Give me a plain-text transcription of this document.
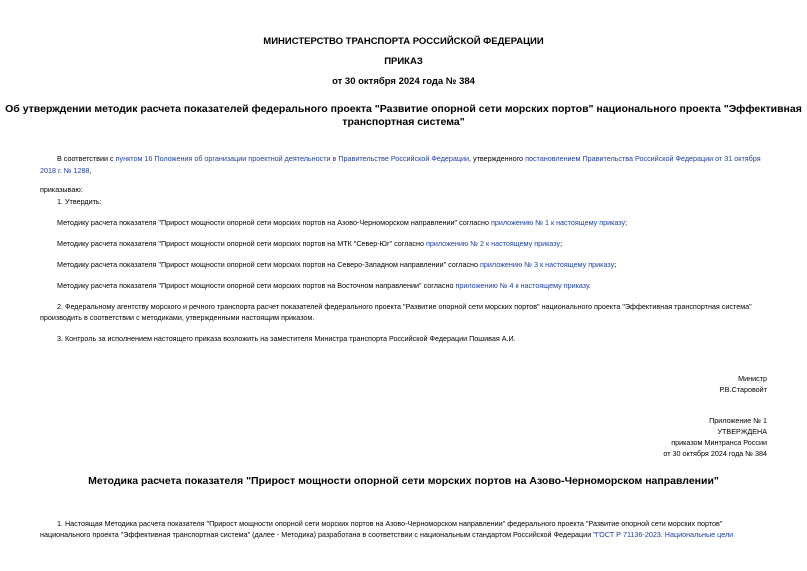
МИНИСТЕРСТВО ТРАНСПОРТА РОССИЙСКОЙ ФЕДЕРАЦИИ
ПРИКАЗ
от 30 октября 2024 года № 384
Об утверждении методик расчета показателей федерального проекта "Развитие опорной сети морских портов" национального проекта "Эффективная
транспортная система"
В соответствии с пунктом 16 Положения об организации проектной деятельности в Правительстве Российской Федерации, утвержденного постановлением Правительства Российской Федерации от 31 октября
2018 г. № 1288,
приказываю:
1. Утвердить:
Методику расчета показателя "Прирост мощности опорной сети морских портов на Азово-Черноморском направлении" согласно приложению № 1 к настоящему приказу;
Методику расчета показателя "Прирост мощности опорной сети морских портов на МТК "Север-Юг" согласно приложению № 2 к настоящему приказу;
Методику расчета показателя "Прирост мощности опорной сети морских портов на Северо-Западном направлении" согласно приложению № 3 к настоящему приказу;
Методику расчета показателя "Прирост мощности опорной сети морских портов на Восточном направлении" согласно приложению № 4 к настоящему приказу.
2. Федеральному агентству морского и речного транспорта расчет показателей федерального проекта "Развитие опорной сети морских портов" национального проекта "Эффективная транспортная система"
производить в соответствии с методиками, утвержденными настоящим приказом.
3. Контроль за исполнением настоящего приказа возложить на заместителя Министра транспорта Российской Федерации Пошивая А.И.
Министр
Р.В.Старовойт
Приложение № 1
УТВЕРЖДЕНА
приказом Минтранса России
от 30 октября 2024 года № 384
Методика расчета показателя "Прирост мощности опорной сети морских портов на Азово-Черноморском направлении"
1. Настоящая Методика расчета показателя "Прирост мощности опорной сети морских портов на Азово-Черноморском направлении" федерального проекта "Развитие опорной сети морских портов"
национального проекта "Эффективная транспортная система" (далее - Методика) разработана в соответствии с национальным стандартом Российской Федерации "ГОСТ Р 71136-2023. Национальные цели
